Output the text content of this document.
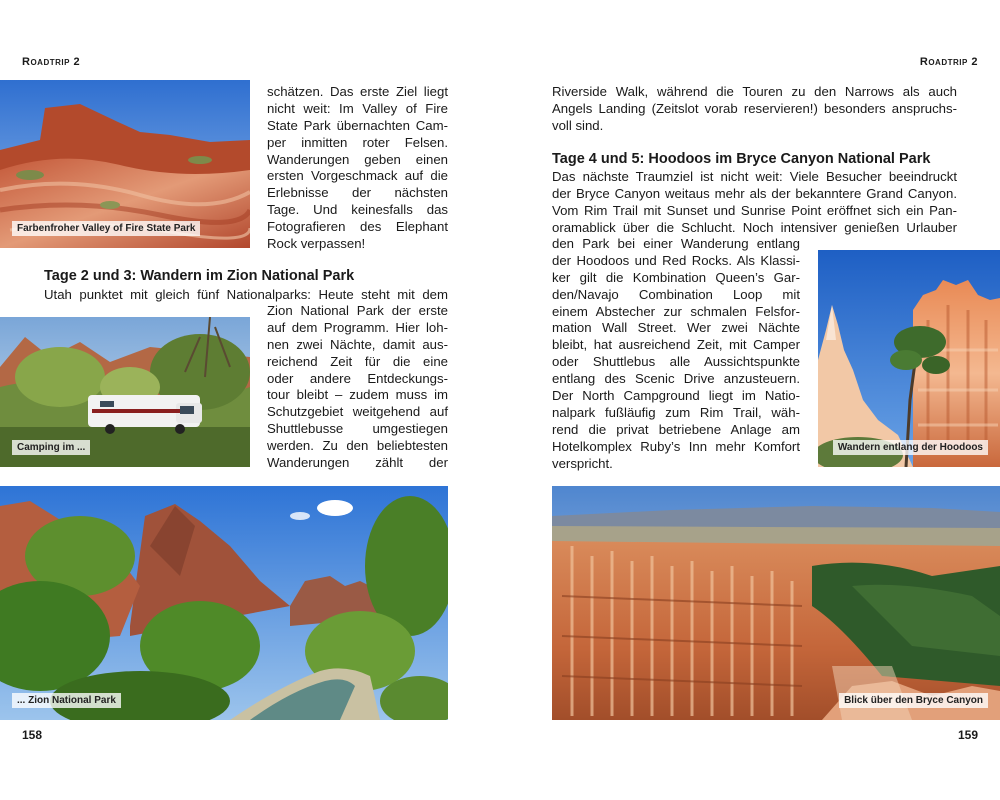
Roadtrip 2
Farbenfroher Valley of Fire State Park
schätzen. Das erste Ziel liegt
nicht weit: Im Valley of Fire
State Park übernachten Cam-
per inmitten roter Felsen.
Wanderungen geben einen
ersten Vorgeschmack auf die
Erlebnisse der nächsten
Tage. Und keinesfalls das
Fotografieren des Elephant
Rock verpassen!
Tage 2 und 3: Wandern im Zion National Park
Utah punktet mit gleich fünf Nationalparks: Heute steht mit dem
Camping im ...
Zion National Park der erste
auf dem Programm. Hier loh-
nen zwei Nächte, damit aus-
reichend Zeit für die eine
oder andere Entdeckungs-
tour bleibt – zudem muss im
Schutzgebiet weitgehend auf
Shuttlebusse umgestiegen
werden. Zu den beliebtesten
Wanderungen zählt der
... Zion National Park
158
Roadtrip 2
Riverside Walk, während die Touren zu den Narrows als auch
Angels Landing (Zeitslot vorab reservieren!) besonders anspruchs-
voll sind.
Tage 4 und 5: Hoodoos im Bryce Canyon National Park
Das nächste Traumziel ist nicht weit: Viele Besucher beeindruckt
der Bryce Canyon weitaus mehr als der bekanntere Grand Canyon.
Vom Rim Trail mit Sunset und Sunrise Point eröffnet sich ein Pan-
oramablick über die Schlucht. Noch intensiver genießen Urlauber
den Park bei einer Wanderung entlang
der Hoodoos und Red Rocks. Als Klassi-
ker gilt die Kombination Queen’s Gar-
den/Navajo Combination Loop mit
einem Abstecher zur schmalen Felsfor-
mation Wall Street. Wer zwei Nächte
bleibt, hat ausreichend Zeit, mit Camper
oder Shuttlebus alle Aussichtspunkte
entlang des Scenic Drive anzusteuern.
Der North Campground liegt im Natio-
nalpark fußläufig zum Rim Trail, wäh-
rend die privat betriebene Anlage am
Hotelkomplex Ruby’s Inn mehr Komfort
verspricht.
Wandern entlang der Hoodoos
Blick über den Bryce Canyon
159
